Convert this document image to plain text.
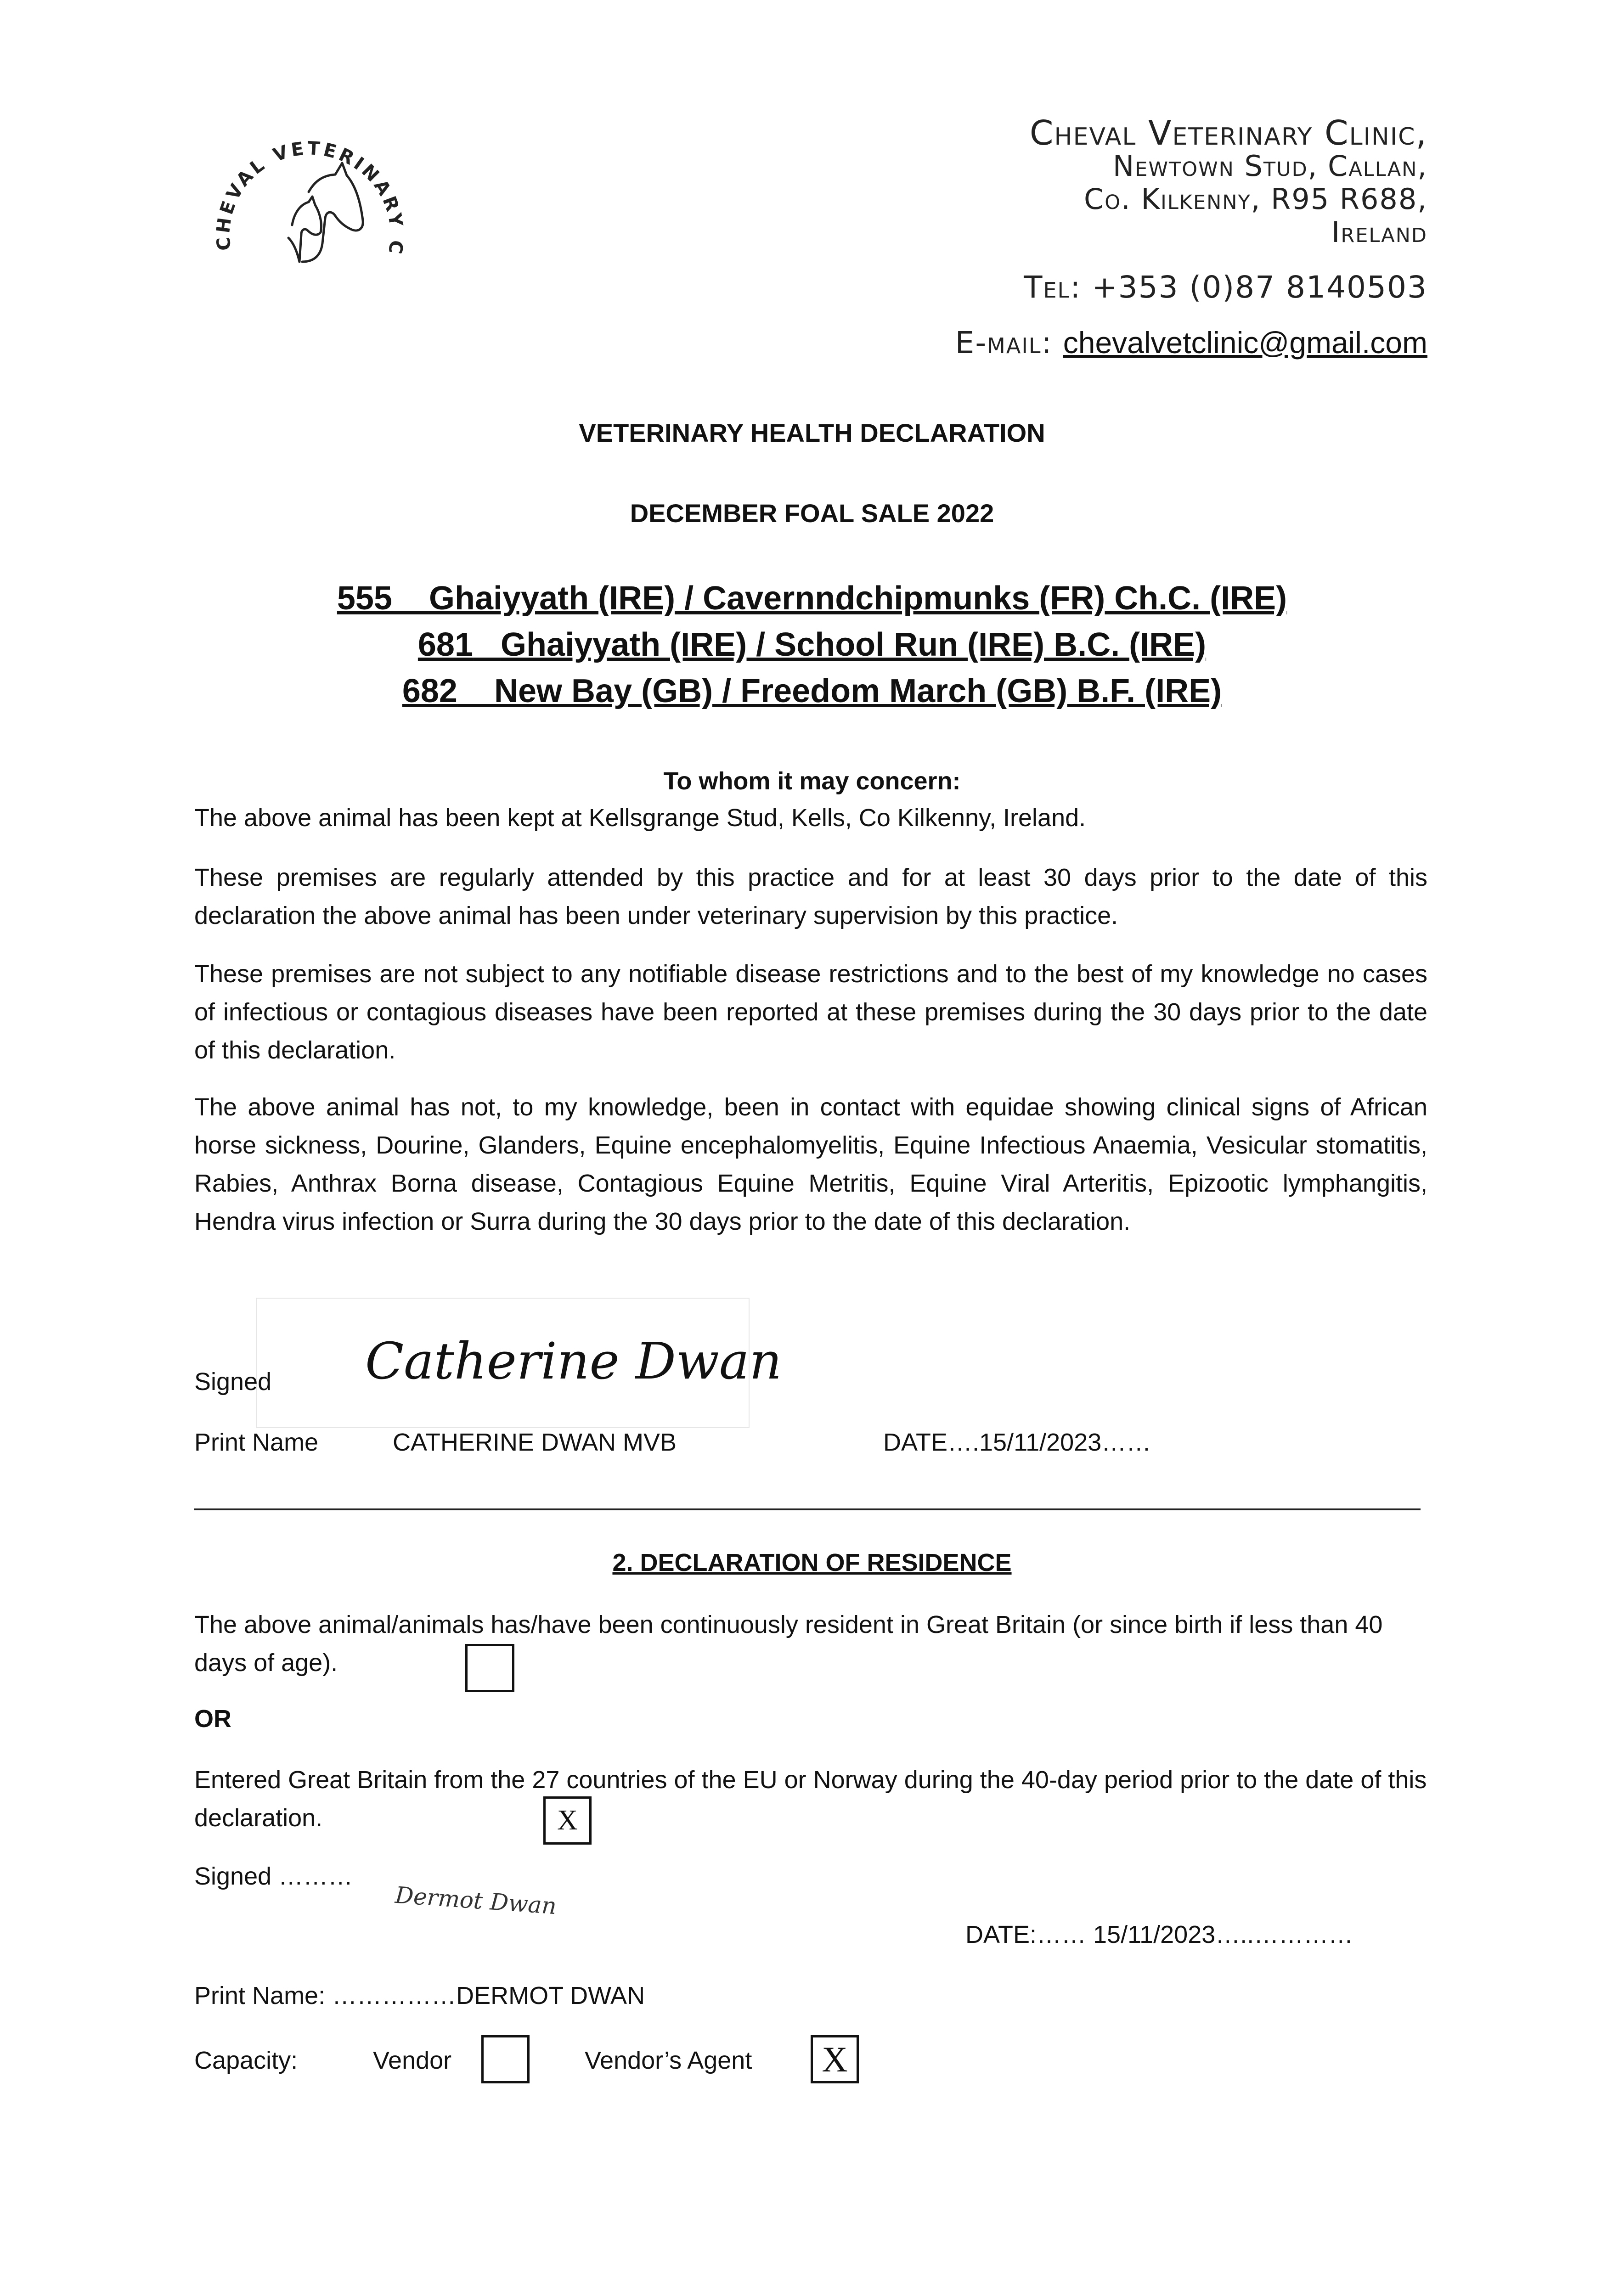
CHEVAL VETERINARY C
Cheval Veterinary Clinic,
Newtown Stud, Callan,
Co. Kilkenny, R95 R688,
Ireland
Tel: +353 (0)87 8140503
E-mail: chevalvetclinic@gmail.com
VETERINARY HEALTH DECLARATION
DECEMBER FOAL SALE 2022
555 Ghaiyyath (IRE) / Cavernndchipmunks (FR) Ch.C. (IRE)
681 Ghaiyyath (IRE) / School Run (IRE) B.C. (IRE)
682 New Bay (GB) / Freedom March (GB) B.F. (IRE)
To whom it may concern:
The above animal has been kept at Kellsgrange Stud, Kells, Co Kilkenny, Ireland.
These premises are regularly attended by this practice and for at least 30 days prior to the date of this declaration the above animal has been under veterinary supervision by this practice.
These premises are not subject to any notifiable disease restrictions and to the best of my knowledge no cases of infectious or contagious diseases have been reported at these premises during the 30 days prior to the date of this declaration.
The above animal has not, to my knowledge, been in contact with equidae showing clinical signs of African horse sickness, Dourine, Glanders, Equine encephalomyelitis, Equine Infectious Anaemia, Vesicular stomatitis, Rabies, Anthrax Borna disease, Contagious Equine Metritis, Equine Viral Arteritis, Epizootic lymphangitis, Hendra virus infection or Surra during the 30 days prior to the date of this declaration.
Signed Catherine Dwan
Print Name	CATHERINE DWAN MVB	DATE….15/11/2023……
2. DECLARATION OF RESIDENCE
The above animal/animals has/have been continuously resident in Great Britain (or since birth if less than 40 days of age).
OR
Entered Great Britain from the 27 countries of the EU or Norway during the 40-day period prior to the date of this declaration.	X
Signed ………
Dermot Dwan
DATE:…… 15/11/2023…..…………
Print Name: ……………DERMOT DWAN
Capacity:	Vendor	Vendor’s Agent	X
